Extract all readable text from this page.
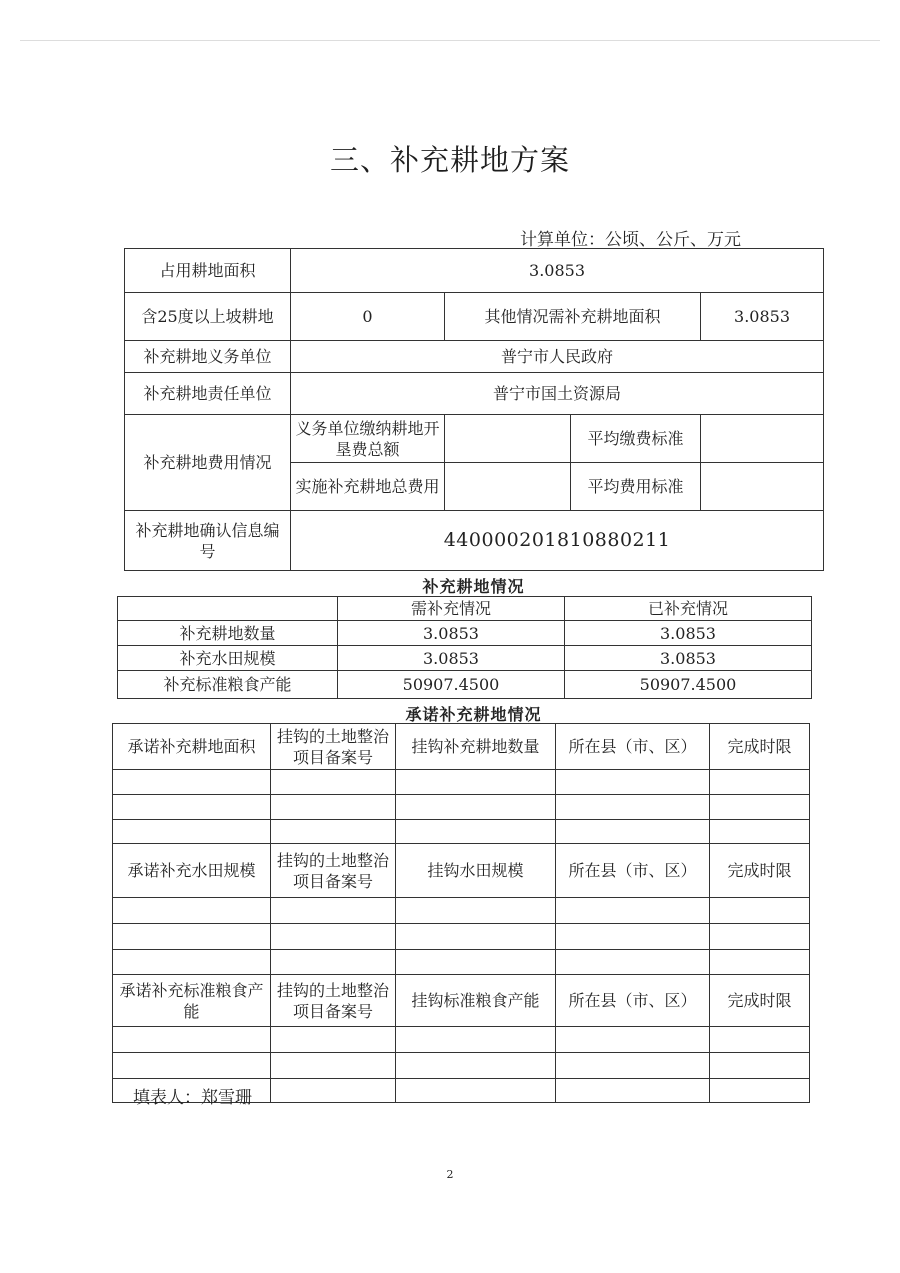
三、补充耕地方案
计算单位：公顷、公斤、万元
占用耕地面积	3.0853			
含25度以上坡耕地	0	其他情况需补充耕地面积		3.0853
补充耕地义务单位	普宁市人民政府			
补充耕地责任单位	普宁市国土资源局			
补充耕地费用情况	义务单位缴纳耕地开垦费总额		平均缴费标准	
	实施补充耕地总费用		平均费用标准	
补充耕地确认信息编号	440000201810880211			
补充耕地情况
	需补充情况	已补充情况
补充耕地数量	3.0853	3.0853
补充水田规模	3.0853	3.0853
补充标准粮食产能	50907.4500	50907.4500
承诺补充耕地情况
承诺补充耕地面积	挂钩的土地整治项目备案号	挂钩补充耕地数量	所在县（市、区）	完成时限

承诺补充水田规模	挂钩的土地整治项目备案号	挂钩水田规模	所在县（市、区）	完成时限

承诺补充标准粮食产能	挂钩的土地整治项目备案号	挂钩标准粮食产能	所在县（市、区）	完成时限

填表人：郑雪珊
2
